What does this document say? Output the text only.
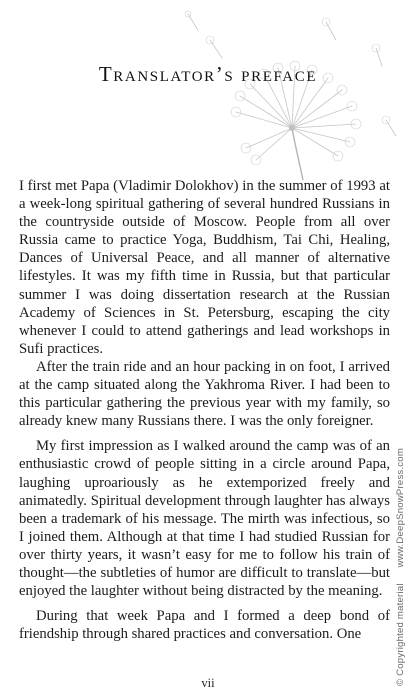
Translator’s preface

I first met Papa (Vladimir Dolokhov) in the summer of 1993 at a week-long spiritual gathering of several hundred Russians in the countryside outside of Moscow. People from all over Russia came to practice Yoga, Buddhism, Tai Chi, Healing, Dances of Universal Peace, and all manner of alternative lifestyles. It was my fifth time in Russia, but that particular summer I was doing dissertation research at the Russian Academy of Sciences in St. Petersburg, escaping the city whenever I could to attend gatherings and lead workshops in Sufi practices.

After the train ride and an hour packing in on foot, I arrived at the camp situated along the Yakhroma River. I had been to this particular gathering the previous year with my family, so already knew many Russians there. I was the only foreigner.

My first impression as I walked around the camp was of an enthusiastic crowd of people sitting in a circle around Papa, laughing uproariously as he extemporized freely and animatedly. Spiritual development through laughter has always been a trademark of his message. The mirth was infectious, so I joined them. Although at that time I had studied Russian for over thirty years, it wasn’t easy for me to follow his train of thought—the subtleties of humor are difficult to translate—but enjoyed the laughter without being distracted by the meaning.

During that week Papa and I formed a deep bond of friendship through shared practices and conversation. One

vii	© Copyrighted materialwww.DeepSnowPress.com
